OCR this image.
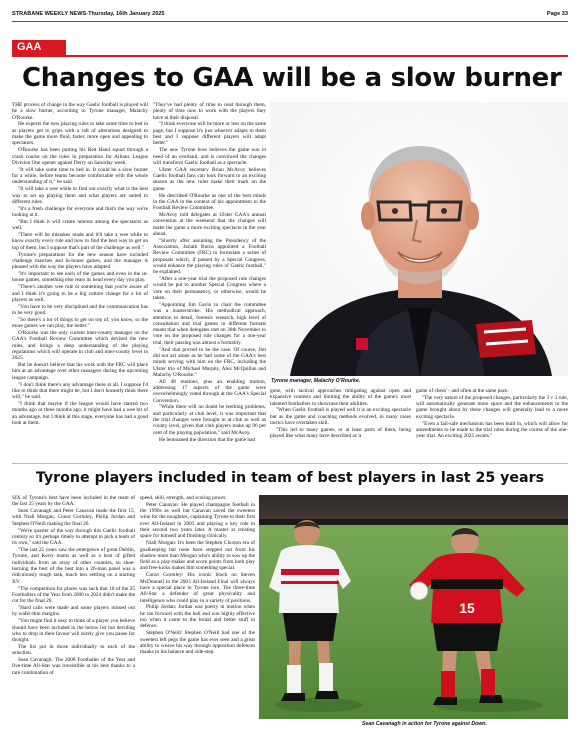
STRABANE WEEKLY NEWS-Thursday, 16th January 2025	Page 33
GAA
Changes to GAA will be a slow burner

THE process of change in the way Gaelic football is played will be a slow burner, according to Tyrone manager, Malachy O'Rourke.

He expects the new playing rules to take some time to bed in as players get to grips with a raft of alterations designed to make the game more fluid, faster, more open and appealing to spectators.

O'Rourke has been putting his Red Hand squad through a crash course on the rules in preparation for Allianz League Division One opener against Derry on Saturday week.

"It will take some time to bed in. It could be a slow burner for a while, before teams become comfortable with the whole understanding of it," he said.

"It will take a wee while to find out exactly what is the best way to set up playing them and what players are suited to different rules.

"It's a fresh challenge for everyone and that's the way we're looking at it.

"But I think it will create interest among the spectators as well.

"There will be mistakes made and it'll take a wee while to know exactly every rule and how to find the best way to get on top of them, but I suppose that's part of the challenge as well."

Tyrone's preparations for the new season have included challenge matches and in-house games, and the manager is pleased with the way the players have adapted.

"It's important to see each of the games and even in the in-house games, something else rears its head every day you play.

"There's another wee rule or something that you're aware of and I think it's going to be a big culture change for a lot of players as well.

"You have to be very disciplined and the communication has to be very good.

"So there's a lot of things to get on top of, you know, so the more games we can play, the better."

O'Rourke was the only current inter-county manager on the GAA's Football Review Committee which devised the new rules, and brings a deep understanding of the playing regulations which will operate in club and inter-county level in 2025.

But he doesn't believe that his work with the FRC will place him at an advantage over other managers during the upcoming league campaign.

"I don't think there's any advantage there at all. I suppose I'd like to think that there might be, but I don't honestly think there will," he said.

"I think that maybe if the league would have started two months ago or three months ago, it might have had a wee bit of an advantage, but I think at this stage, everyone has had a good look at them.

"They've had plenty of time to read through them, plenty of time now to work with the players they have at their disposal.

"I think everyone will be more or less on the same page, but I suppose it's just whoever adapts to them best and I suppose different players will adapt better."

The new Tyrone boss believes the game was in need of an overhaul, and is convinced the changes will transform Gaelic football as a spectacle.

Ulster GAA secretary Brian McAvoy believes Gaelic football fans can look forward to an exciting season as the new rules make their mark on the game.

He described O'Rourke as one of the best minds in the GAA in the context of his appointment to the Football Review Committee.

McAvoy told delegates at Ulster GAA's annual convention at the weekend that the changes will make the game a more exciting spectacle in the year ahead.

"Shortly after assuming the Presidency of the Association, Jarlath Burns appointed a Football Review Committee (FRC) to formulate a series of proposals which, if passed by a Special Congress, would enhance the playing rules of Gaelic football," he explained.

"After a one-year trial the proposed rule changes would be put to another Special Congress where a vote on their permanency, or otherwise, would be taken.

"Appointing Jim Gavin to chair the committee was a masterstroke. His methodical approach, attention to detail, forensic research, high level of consultation and trial games in different formats meant that when delegates met on 30th November to vote on the proposed rule changes for a one-year trial, their passing was almost a formality.

"And that proved to be the case. Of course, Jim did not act alone as he had some of the GAA's best minds serving with him on the FRC, including the Ulster trio of Michael Murphy, Alex McQuillan and Malachy O'Rourke."

All 48 motions, plus an enabling motion, addressing 17 aspects of the game were overwhelmingly voted through at the GAA's Special Convention.

"While there will no doubt be teething problems, and particularly at club level, it was important that the trial changes were brought in at club as well as county level, given that club players make up 96 per cent of the playing population," said McAvoy.

He bemoaned the direction that the game had

Tyrone manager, Malachy O'Rourke.

gone, with tactical approaches mitigating against open and expansive contests and limiting the ability of the game's most talented footballers to showcase their abilities.

"When Gaelic football is played well it is an exciting spectacle but as the game and coaching methods evolved, in many cases tactics have overtaken skill.

"This led to many games, or at least parts of them, being played like what many have described as 'a

game of chess' - and often at the same pace.

"The very nature of the proposed changes, particularly the 3 v 3 rule, will automatically generate more space and the enhancements to the game brought about by these changes will generally lead to a more exciting spectacle.

"Even a fail-safe mechanism has been built in, which will allow for amendments to be made to the trial rules during the course of the one-year trial. An exciting 2025 awaits."

Tyrone players included in team of best players in last 25 years

SIX of Tyrone's best have been included in the team of the last 25 years by the GAA.

Sean Cavanagh and Peter Canavan made the first 15, with Niall Morgan, Conor Gormley, Philip Jordan and Stephen O'Neill making the final 26.

"We're quarter of the way through this Gaelic football century so it's perhaps timely to attempt to pick a team of its own," said the GAA.

"The last 25 years saw the emergence of great Dublin, Tyrone, and Kerry teams as well as a host of gifted individuals from an array of other counties, so shoe-horning the best of the best into a 26-man panel was a ridiculously tough task, much less settling on a starting XV.

"The competition for places was such that 10 of the 25 Footballers of the Year from 2000 to 2024 didn't make the cut for the final 26.

"Hard calls were made and some players missed out by wafer-thin margins.

"You might find it easy to think of a player you believe should have been included in the below list but deciding who to drop in their favour will surely give you pause for thought.

The list put in those individually to each of the selection.

Sean Cavanagh: The 2008 Footballer of the Year and five-time All-Star was irresistible at his best thanks to a rare combination of

speed, skill, strength, and scoring power.

Peter Canavan: He played champagne football in the 1990s as well but Canavan saved the sweetest wine for the noughties, captaining Tyrone to their first ever All-Ireland in 2003 and playing a key role in their second two years later. A master at creating space for himself and finishing clinically.

Niall Morgan: It's been the Stephen Cluxton era of goalkeeping but none have stepped out from his shadow more than Morgan who's ability to sow up the field as a play-maker and score points from both play and free-kicks makes him something special.

Conor Gormley: His iconic block on Steven McDonnell in the 2003 All-Ireland Final will always have a special place in Tyrone lore. The three-time All-Star a defender of great physicality and intelligence who could play in a variety of positions.

Philip Jordan: Jordan was poetry in motion when he ran forward with the ball and was highly effective too when it came to the brutal and better stuff in defence.

Stephen O'Neill: Stephen O'Neill had one of the sweetest left pegs the game has ever seen and a great ability to weave his way through opposition defences thanks to his balance and side-step.

15
Sean Cavanagh in action for Tyrone against Down.
